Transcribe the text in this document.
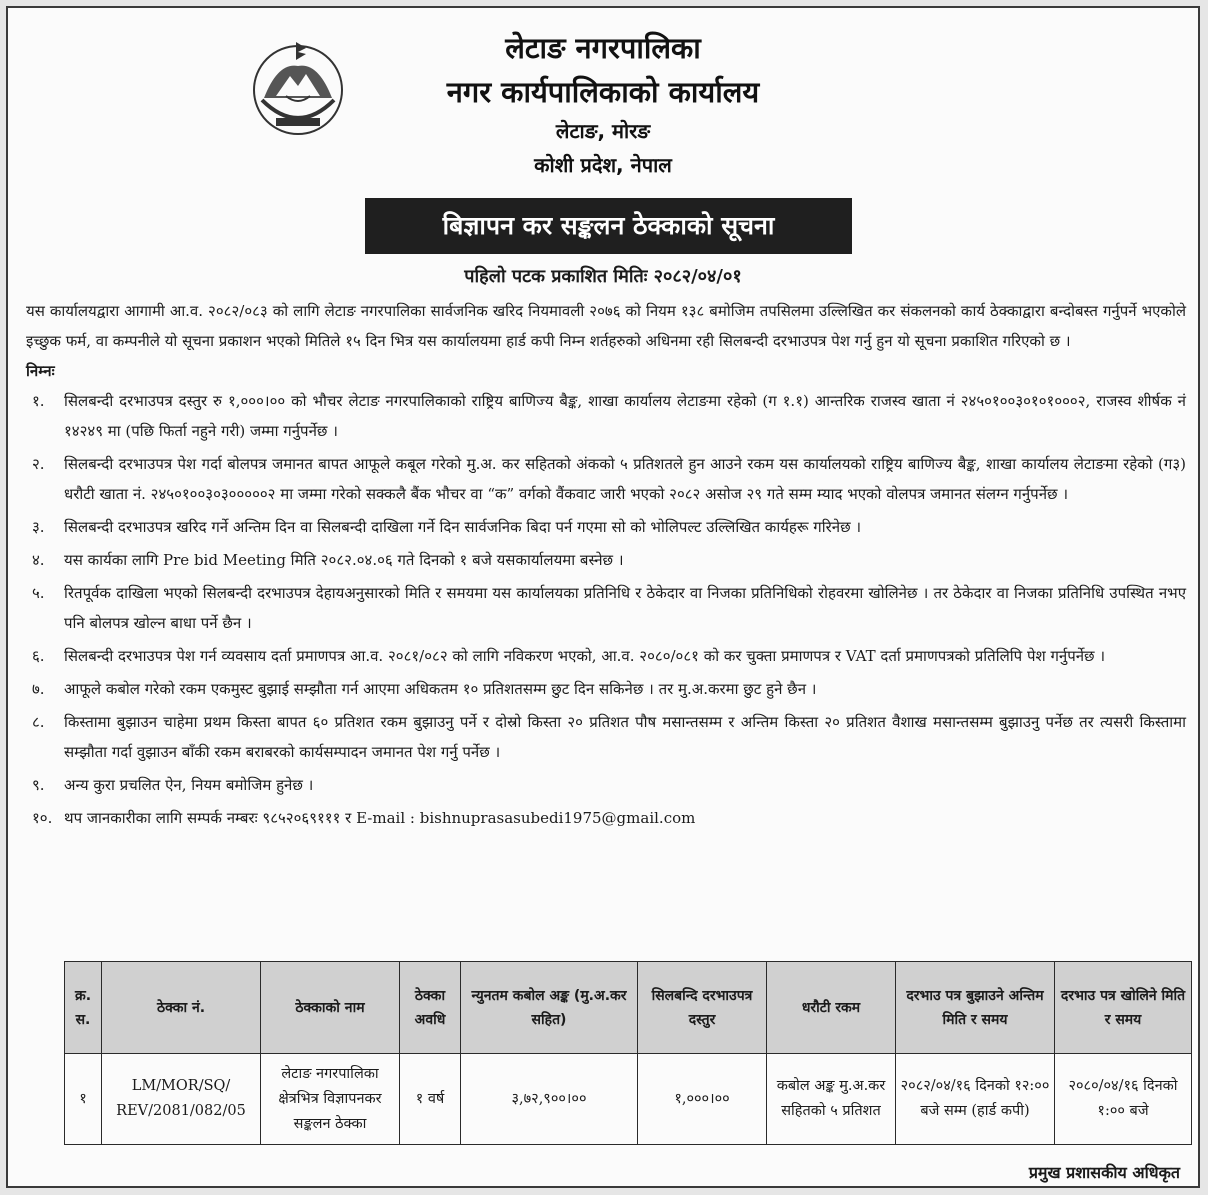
लेटाङ नगरपालिका
नगर कार्यपालिकाको कार्यालय
लेटाङ, मोरङ
कोशी प्रदेश, नेपाल
बिज्ञापन कर सङ्कलन ठेक्काको सूचना
पहिलो पटक प्रकाशित मितिः २०८२/०४/०१

यस कार्यालयद्वारा आगामी आ.व. २०८२/०८३ को लागि लेटाङ नगरपालिका सार्वजनिक खरिद नियमावली २०७६ को नियम १३८ बमोजिम तपसिलमा उल्लिखित कर संकलनको कार्य ठेक्काद्वारा बन्दोबस्त गर्नुपर्ने भएकोले इच्छुक फर्म, वा कम्पनीले यो सूचना प्रकाशन भएको मितिले १५ दिन भित्र यस कार्यालयमा हार्ड कपी निम्न शर्तहरुको अधिनमा रही सिलबन्दी दरभाउपत्र पेश गर्नु हुन यो सूचना प्रकाशित गरिएको छ ।

निम्नः

१. सिलबन्दी दरभाउपत्र दस्तुर रु १,०००।०० को भौचर लेटाङ नगरपालिकाको राष्ट्रिय बाणिज्य बैङ्क, शाखा कार्यालय लेटाङमा रहेको (ग १.१) आन्तरिक राजस्व खाता नं २४५०१००३०१०१०००२, राजस्व शीर्षक नं १४२४९ मा (पछि फिर्ता नहुने गरी) जम्मा गर्नुपर्नेछ ।
२. सिलबन्दी दरभाउपत्र पेश गर्दा बोलपत्र जमानत बापत आफूले कबूल गरेको मु.अ. कर सहितको अंकको ५ प्रतिशतले हुन आउने रकम यस कार्यालयको राष्ट्रिय बाणिज्य बैङ्क, शाखा कार्यालय लेटाङमा रहेको (ग३) धरौटी खाता नं. २४५०१००३०३०००००२ मा जम्मा गरेको सक्कलै बैंक भौचर वा “क” वर्गको वैंकवाट जारी भएको २०८२ असोज २९ गते सम्म म्याद भएको वोलपत्र जमानत संलग्न गर्नुपर्नेछ ।
३. सिलबन्दी दरभाउपत्र खरिद गर्ने अन्तिम दिन वा सिलबन्दी दाखिला गर्ने दिन सार्वजनिक बिदा पर्न गएमा सो को भोलिपल्ट उल्लिखित कार्यहरू गरिनेछ ।
४. यस कार्यका लागि Pre bid Meeting मिति २०८२.०४.०६ गते दिनको १ बजे यसकार्यालयमा बस्नेछ ।
५. रितपूर्वक दाखिला भएको सिलबन्दी दरभाउपत्र देहायअनुसारको मिति र समयमा यस कार्यालयका प्रतिनिधि र ठेकेदार वा निजका प्रतिनिधिको रोहवरमा खोलिनेछ । तर ठेकेदार वा निजका प्रतिनिधि उपस्थित नभए पनि बोलपत्र खोल्न बाधा पर्ने छैन ।
६. सिलबन्दी दरभाउपत्र पेश गर्न व्यवसाय दर्ता प्रमाणपत्र आ.व. २०८१/०८२ को लागि नविकरण भएको, आ.व. २०८०/०८१ को कर चुक्ता प्रमाणपत्र र VAT दर्ता प्रमाणपत्रको प्रतिलिपि पेश गर्नुपर्नेछ ।
७. आफूले कबोल गरेको रकम एकमुस्ट बुझाई सम्झौता गर्न आएमा अधिकतम १० प्रतिशतसम्म छुट दिन सकिनेछ । तर मु.अ.करमा छुट हुने छैन ।
८. किस्तामा बुझाउन चाहेमा प्रथम किस्ता बापत ६० प्रतिशत रकम बुझाउनु पर्ने र दोस्रो किस्ता २० प्रतिशत पौष मसान्तसम्म र अन्तिम किस्ता २० प्रतिशत वैशाख मसान्तसम्म बुझाउनु पर्नेछ तर त्यसरी किस्तामा सम्झौता गर्दा वुझाउन बाँकी रकम बराबरको कार्यसम्पादन जमानत पेश गर्नु पर्नेछ ।
९. अन्य कुरा प्रचलित ऐन, नियम बमोजिम हुनेछ ।
१०. थप जानकारीका लागि सम्पर्क नम्बरः ९८५२०६९१११ र E-mail : bishnuprasasubedi1975@gmail.com
क्र. स.	ठेक्का नं.	ठेक्काको नाम	ठेक्का अवधि	न्युनतम कबोल अङ्क (मु.अ.कर सहित)	सिलबन्दि दरभाउपत्र दस्तुर	धरौटी रकम	दरभाउ पत्र बुझाउने अन्तिम मिति र समय	दरभाउ पत्र खोलिने मिति र समय
१	LM/MOR/SQ/ REV/2081/082/05	लेटाङ नगरपालिका क्षेत्रभित्र विज्ञापनकर सङ्कलन ठेक्का	१ वर्ष	३,७२,९००।००	१,०००।००	कबोल अङ्क मु.अ.कर सहितको ५ प्रतिशत	२०८२/०४/१६ दिनको १२:०० बजे सम्म (हार्ड कपी)	२०८०/०४/१६ दिनको १:०० बजे
प्रमुख प्रशासकीय अधिकृत
